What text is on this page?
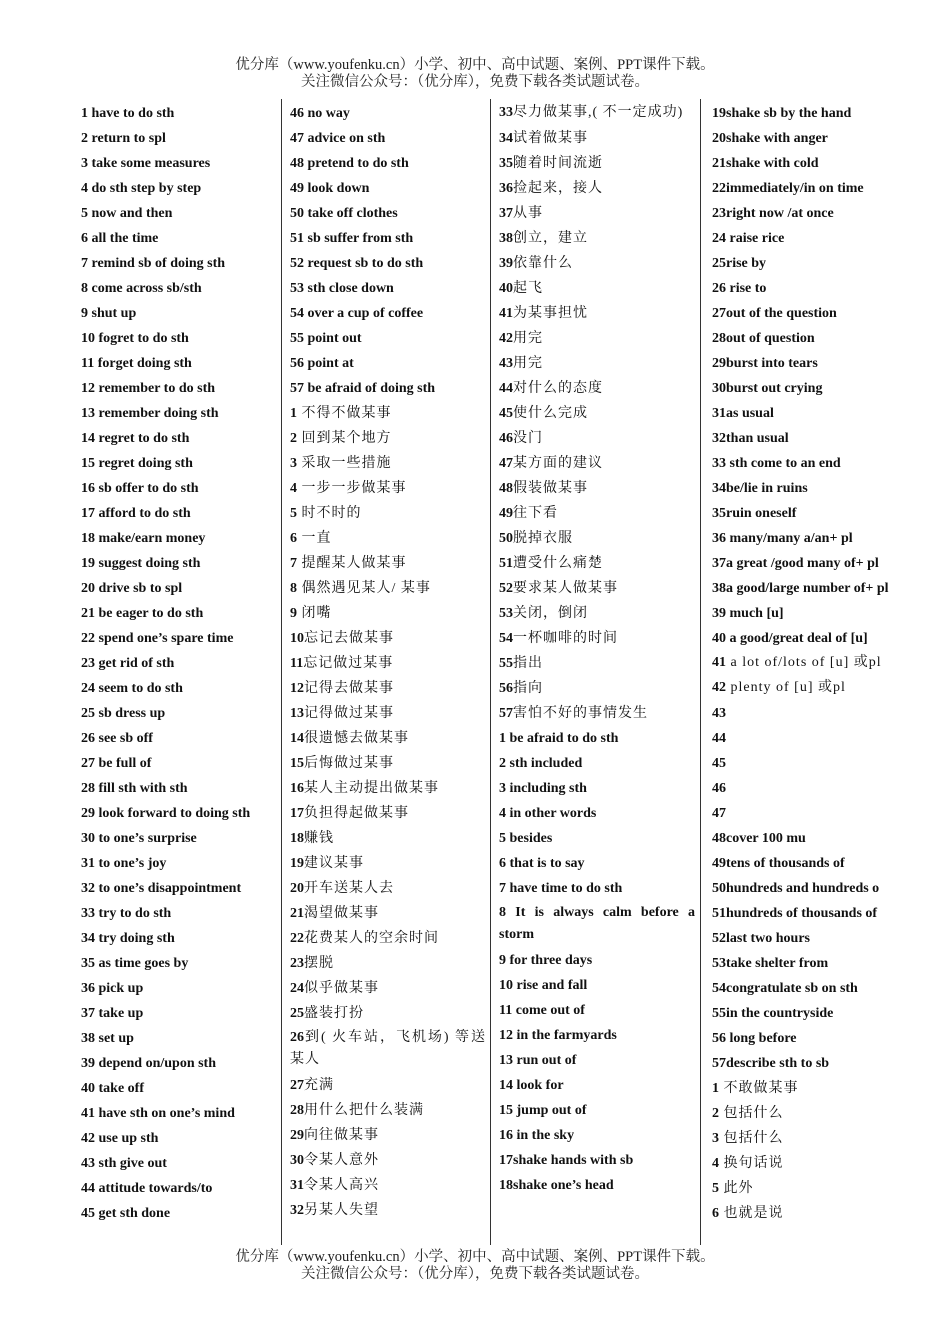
优分库（www.youfenku.cn）小学、初中、高中试题、案例、PPT课件下载。
关注微信公众号：（优分库），免费下载各类试题试卷。
1 have to do sth
2 return to spl
3 take some measures
4 do sth step by step
5 now and then
6 all the time
7 remind sb of doing sth
8 come across sb/sth
9 shut up
10 fogret to do sth
11 forget doing sth
12 remember to do sth
13 remember doing sth
14 regret to do sth
15 regret doing sth
16 sb offer to do sth
17 afford to do sth
18 make/earn money
19 suggest doing sth
20 drive sb to spl
21 be eager to do sth
22 spend one’s spare time
23 get rid of sth
24 seem to do sth
25 sb dress up
26 see sb off
27 be full of
28 fill sth with sth
29 look forward to doing sth
30 to one’s surprise
31 to one’s joy
32 to one’s disappointment
33 try to do sth
34 try doing sth
35 as time goes by
36 pick up
37 take up
38 set up
39 depend on/upon sth
40 take off
41 have sth on one’s mind
42 use up sth
43 sth give out
44 attitude towards/to
45 get sth done
46 no way
47 advice on sth
48 pretend to do sth
49 look down
50 take off clothes
51 sb suffer from sth
52 request sb to do sth
53 sth close down
54 over a cup of coffee
55 point out
56 point at
57 be afraid of doing sth
1 不得不做某事
2 回到某个地方
3 采取一些措施
4 一步一步做某事
5 时不时的
6 一直
7 提醒某人做某事
8 偶然遇见某人/ 某事
9 闭嘴
10忘记去做某事
11忘记做过某事
12记得去做某事
13记得做过某事
14很遗憾去做某事
15后悔做过某事
16某人主动提出做某事
17负担得起做某事
18赚钱
19建议某事
20开车送某人去
21渴望做某事
22花费某人的空余时间
23摆脱
24似乎做某事
25盛装打扮
26到( 火车站，飞机场) 等送某人
27充满
28用什么把什么装满
29向往做某事
30令某人意外
31令某人高兴
32另某人失望
33尽力做某事,( 不一定成功)
34试着做某事
35随着时间流逝
36捡起来，接人
37从事
38创立，建立
39依靠什么
40起飞
41为某事担忧
42用完
43用完
44对什么的态度
45使什么完成
46没门
47某方面的建议
48假装做某事
49往下看
50脱掉衣服
51遭受什么痛楚
52要求某人做某事
53关闭，倒闭
54一杯咖啡的时间
55指出
56指向
57害怕不好的事情发生
1 be afraid to do sth
2 sth included
3 including sth
4 in other words
5 besides
6 that is to say
7 have time to do sth
8 It is always calm before a storm
9 for three days
10 rise and fall
11 come out of
12 in the farmyards
13 run out of
14 look for
15 jump out of
16 in the sky
17shake hands with sb
18shake one’s head
19shake sb by the hand
20shake with anger
21shake with cold
22immediately/in on time
23right now /at once
24 raise rice
25rise by
26 rise to
27out of the question
28out of question
29burst into tears
30burst out crying
31as usual
32than usual
33 sth come to an end
34be/lie in ruins
35ruin oneself
36 many/many a/an+ pl
37a great /good many of+ pl
38a good/large number of+ pl
39 much [u]
40 a good/great deal of [u]
41 a lot of/lots of [u] 或pl
42 plenty of [u] 或pl
43
44
45
46
47
48cover 100 mu
49tens of thousands of
50hundreds and hundreds o
51hundreds of thousands of
52last two hours
53take shelter from
54congratulate sb on sth
55in the countryside
56 long before
57describe sth to sb
1 不敢做某事
2 包括什么
3 包括什么
4 换句话说
5 此外
6 也就是说
优分库（www.youfenku.cn）小学、初中、高中试题、案例、PPT课件下载。
关注微信公众号：（优分库），免费下载各类试题试卷。
